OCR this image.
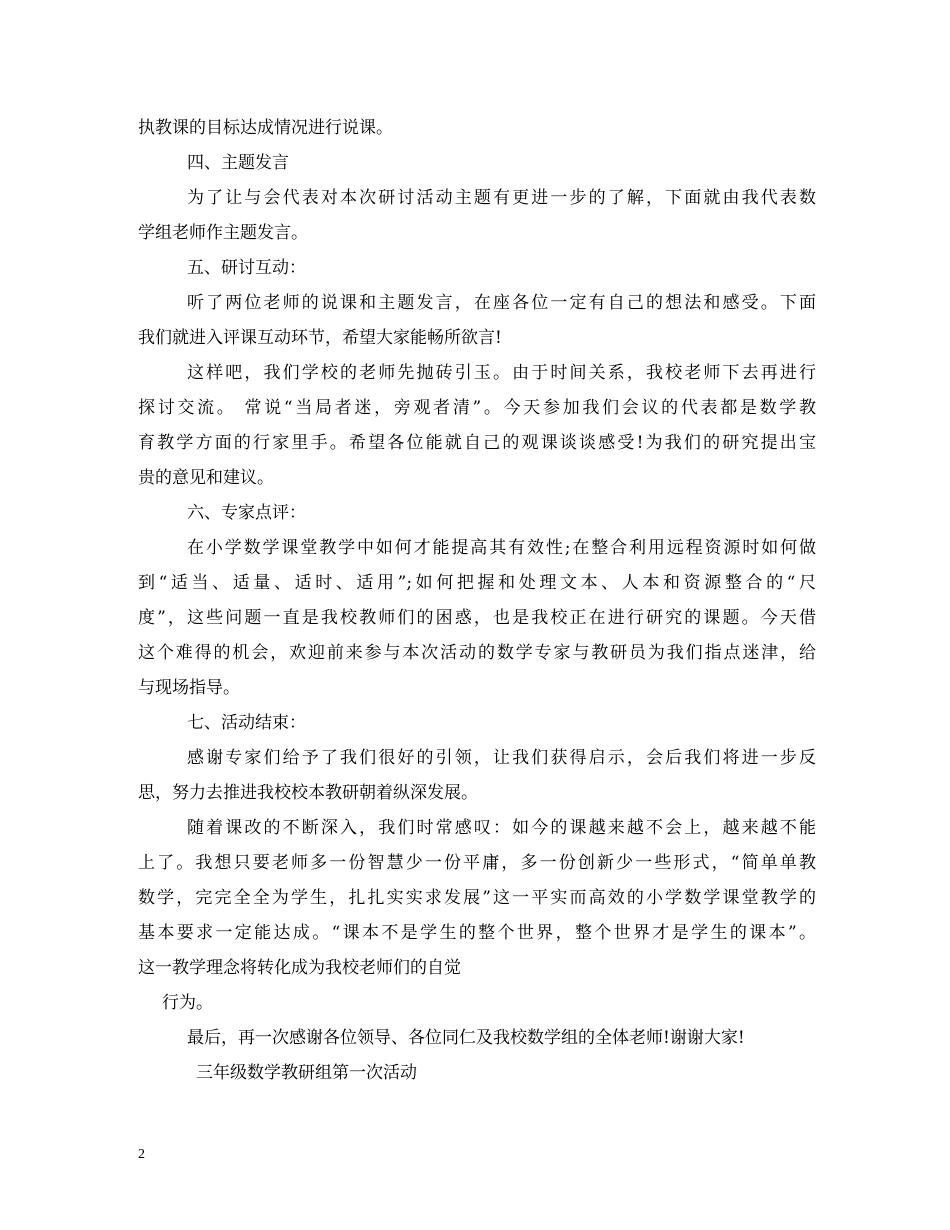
执教课的目标达成情况进行说课。
四、主题发言
为了让与会代表对本次研讨活动主题有更进一步的了解，下面就由我代表数
学组老师作主题发言。
五、研讨互动：
听了两位老师的说课和主题发言，在座各位一定有自己的想法和感受。下面
我们就进入评课互动环节，希望大家能畅所欲言!
这样吧，我们学校的老师先抛砖引玉。由于时间关系，我校老师下去再进行
探讨交流。 常说“当局者迷，旁观者清”。今天参加我们会议的代表都是数学教
育教学方面的行家里手。希望各位能就自己的观课谈谈感受!为我们的研究提出宝
贵的意见和建议。
六、专家点评：
在小学数学课堂教学中如何才能提高其有效性;在整合利用远程资源时如何做
到“适当、适量、适时、适用”;如何把握和处理文本、人本和资源整合的“尺
度”，这些问题一直是我校教师们的困惑，也是我校正在进行研究的课题。今天借
这个难得的机会，欢迎前来参与本次活动的数学专家与教研员为我们指点迷津，给
与现场指导。
七、活动结束：
感谢专家们给予了我们很好的引领，让我们获得启示，会后我们将进一步反
思，努力去推进我校校本教研朝着纵深发展。
随着课改的不断深入，我们时常感叹：如今的课越来越不会上，越来越不能
上了。我想只要老师多一份智慧少一份平庸，多一份创新少一些形式，“简单单教
数学，完完全全为学生，扎扎实实求发展”这一平实而高效的小学数学课堂教学的
基本要求一定能达成。“课本不是学生的整个世界，整个世界才是学生的课本”。
这一教学理念将转化成为我校老师们的自觉
行为。
最后，再一次感谢各位领导、各位同仁及我校数学组的全体老师!谢谢大家!
三年级数学教研组第一次活动
2
